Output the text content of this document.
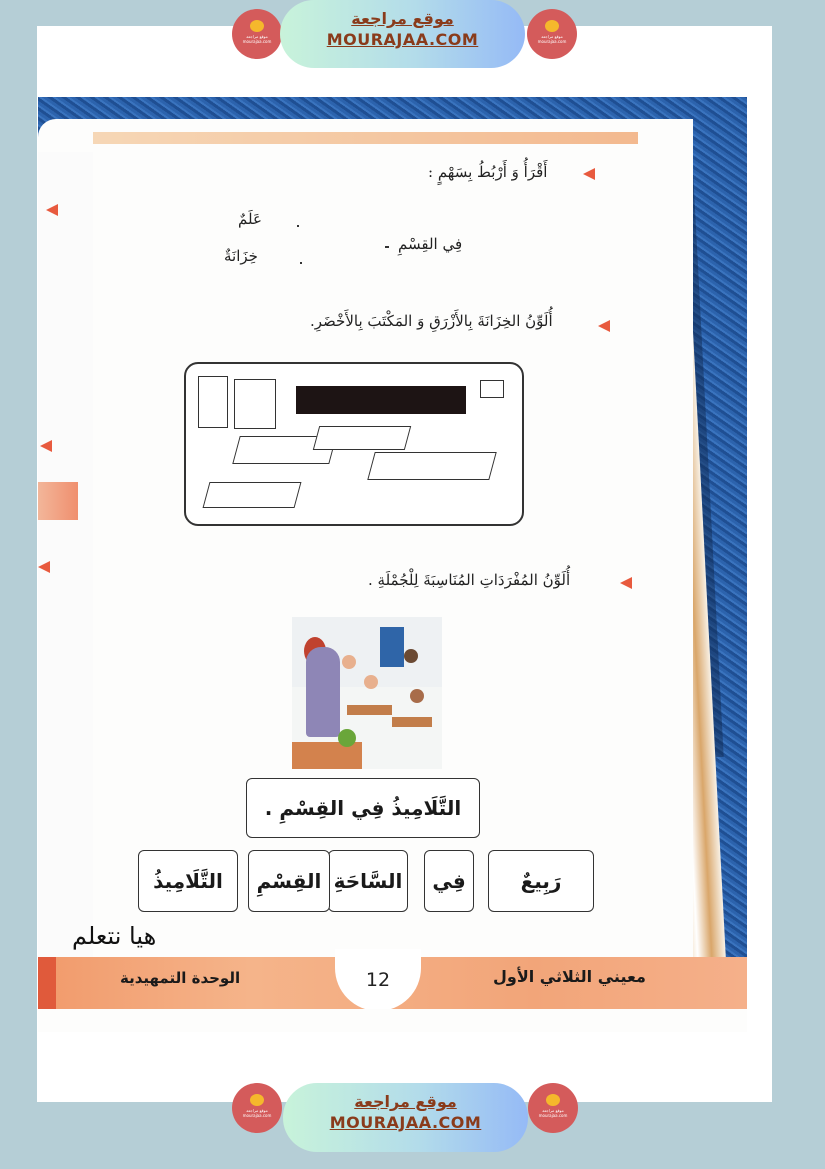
موقع مراجعة mourajaa.com
موقع مراجعة
MOURAJAA.COM	موقع مراجعة mourajaa.com
أَقْرَأُ وَ أَرْبُطُ بِسَهْمٍ :
عَلَمٌ
خِزَانَةٌ
فِي القِسْمِ
أُلَوِّنُ الخِزَانَةَ بِالأَزْرَقِ وَ المَكْتَبَ بِالأَخْضَرِ.
أُلَوِّنُ المُفْرَدَاتِ المُنَاسِبَةَ لِلْجُمْلَةِ .
التَّلَامِيذُ فِي القِسْمِ .
رَبِيعٌ
فِي
السَّاحَةِ
القِسْمِ
التَّلَامِيذُ
هيا نتعلم
12
الوحدة التمهيدية	معيني الثلاثي الأول
موقع مراجعة mourajaa.com
موقع مراجعة
MOURAJAA.COM
موقع مراجعة mourajaa.com
